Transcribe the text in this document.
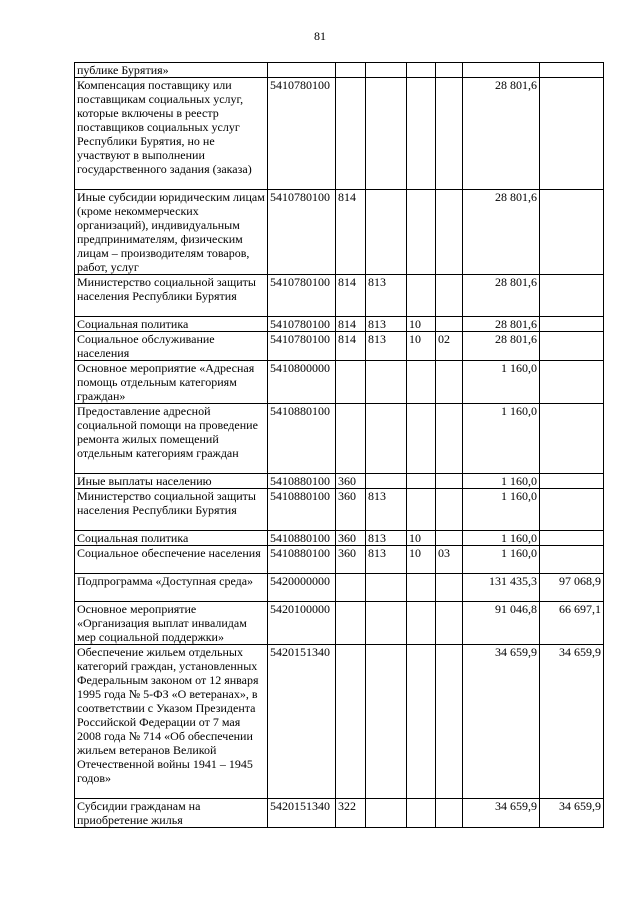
81
публике Бурятия»							
Компенсация поставщику или поставщикам социальных услуг, которые включены в реестр поставщиков социальных услуг Республики Бурятия, но не участвуют в выполнении государственного задания (заказа)	5410780100					28 801,6	
Иные субсидии юридическим лицам (кроме некоммерческих организаций), индивидуальным предпринимателям, физическим лицам – производителям товаров, работ, услуг	5410780100	814				28 801,6	
Министерство социальной защиты населения Республики Бурятия	5410780100	814	813			28 801,6	
Социальная политика	5410780100	814	813	10		28 801,6	
Социальное обслуживание населения	5410780100	814	813	10	02	28 801,6	
Основное мероприятие «Адресная помощь отдельным категориям граждан»	5410800000					1 160,0	
Предоставление адресной социальной помощи на проведение ремонта жилых помещений отдельным категориям граждан	5410880100					1 160,0	
Иные выплаты населению	5410880100	360				1 160,0	
Министерство социальной защиты населения Республики Бурятия	5410880100	360	813			1 160,0	
Социальная политика	5410880100	360	813	10		1 160,0	
Социальное обеспечение населения	5410880100	360	813	10	03	1 160,0	
Подпрограмма «Доступная среда»	5420000000					131 435,3	97 068,9
Основное мероприятие «Организация выплат инвалидам мер социальной поддержки»	5420100000					91 046,8	66 697,1
Обеспечение жильем отдельных категорий граждан, установленных Федеральным законом от 12 января 1995 года № 5-ФЗ «О ветеранах», в соответствии с Указом Президента Российской Федерации от 7 мая 2008 года № 714 «Об обеспечении жильем ветеранов Великой Отечественной войны 1941 – 1945 годов»	5420151340					34 659,9	34 659,9
Субсидии гражданам на приобретение жилья	5420151340	322				34 659,9	34 659,9
